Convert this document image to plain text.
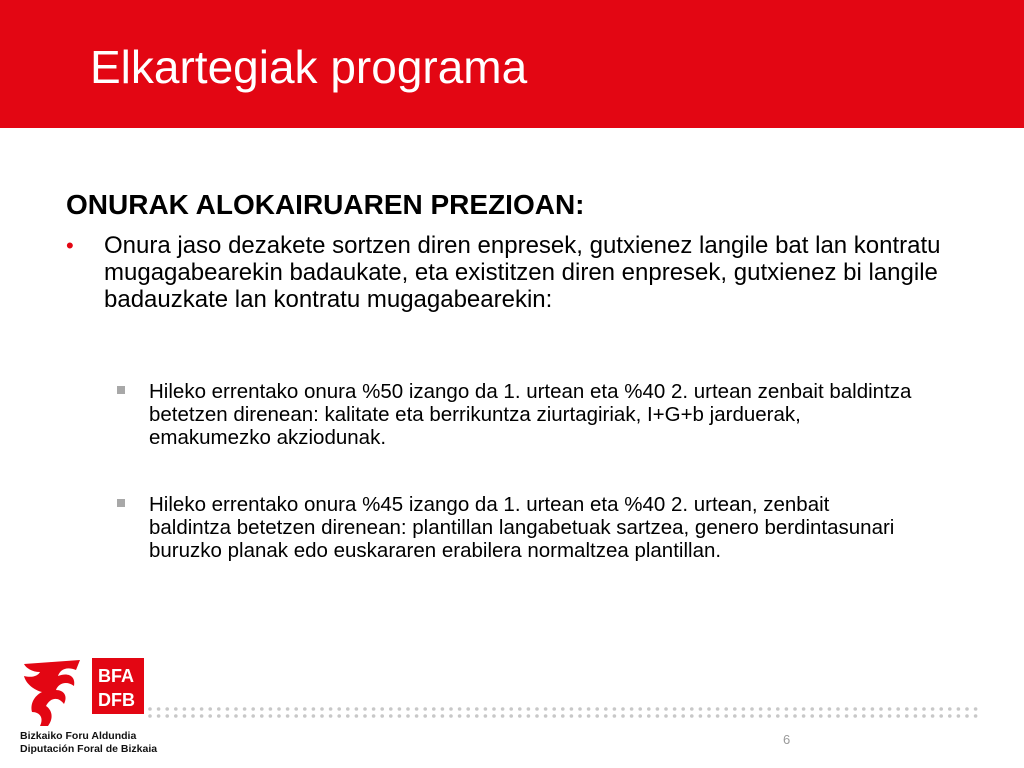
Elkartegiak programa
ONURAK ALOKAIRUAREN PREZIOAN:
• Onura jaso dezakete sortzen diren enpresek, gutxienez langile bat lan kontratu mugagabearekin badaukate, eta existitzen diren enpresek, gutxienez bi langile badauzkate lan kontratu mugagabearekin:
Hileko errentako onura %50 izango da 1. urtean eta %40 2. urtean zenbait baldintza betetzen direnean: kalitate eta berrikuntza ziurtagiriak, I+G+b jarduerak, emakumezko akziodunak.
Hileko errentako onura %45 izango da 1. urtean eta %40 2. urtean, zenbait baldintza betetzen direnean: plantillan langabetuak sartzea, genero berdintasunari buruzko planak edo euskararen erabilera normaltzea plantillan.
BFA
DFB
Bizkaiko Foru Aldundia
Diputación Foral de Bizkaia
6
